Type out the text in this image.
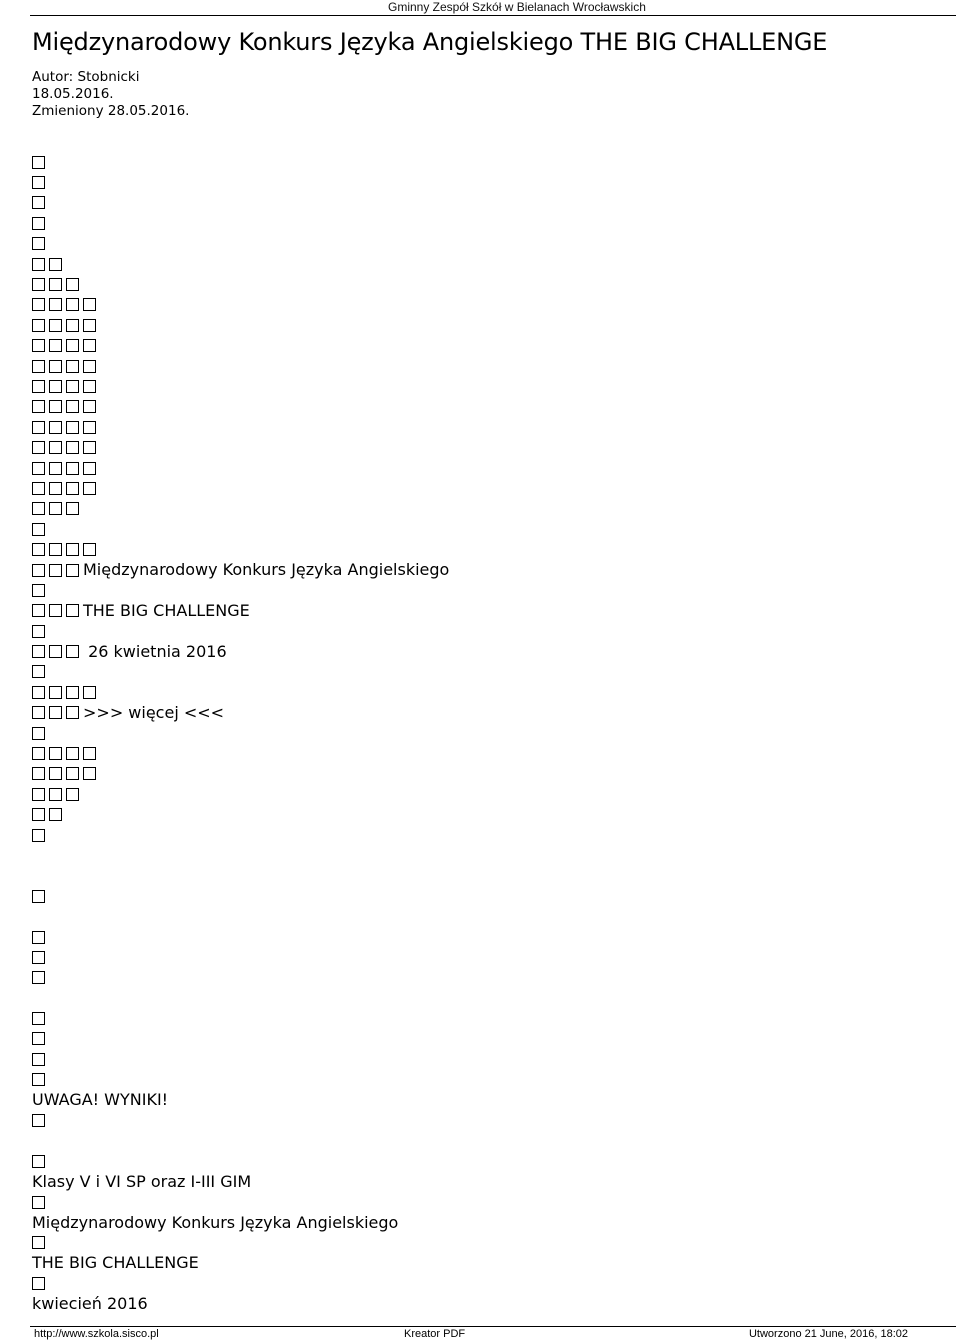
Gminny Zespół Szkół w Bielanach Wrocławskich
Międzynarodowy Konkurs Języka Angielskiego THE BIG CHALLENGE
Autor: Stobnicki
18.05.2016.
Zmieniony 28.05.2016.
Międzynarodowy Konkurs Języka Angielskiego
THE BIG CHALLENGE
26 kwietnia 2016
>>> więcej <<<
UWAGA! WYNIKI!
Klasy V i VI SP oraz I-III GIM
Międzynarodowy Konkurs Języka Angielskiego
THE BIG CHALLENGE
kwiecień 2016
http://www.szkola.sisco.pl	Kreator PDF	Utworzono 21 June, 2016, 18:02
